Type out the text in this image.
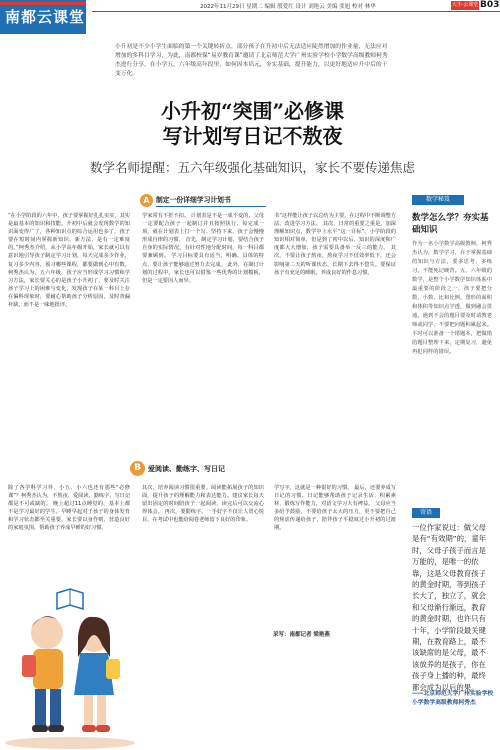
南都云课堂
2022年11月29日 星期二 编辑 殷爱红 设计 刘艳云 美编 张旭 校对 林华	大手·云课堂 B03
小升初是不少小学生面临的第一个关键转折点，部分孩子在升初中后无法适应陡然增加的作业量，无法应对增加的多科目学习，为此，南都校保“易岁教育课”邀请了北京师范大学广州实验学校小学数学高级教师柯秀杰进行分享，在小学五、六年级高年段里，如何因本培元，夯实基础，提升能力，以更好地适应升中后的干变万化。
小升初“突围”必修课
写计划写日记不敖夜
数学名师提醒：五六年级强化基础知识，家长不要传递焦虑
A 制定一份详细学习计划书
“在小学阶段的六年中，孩子要掌握好扎扎实实，其实是最基本的知识和技能。升初中后就会发现数学的知识面变得广了，各种知识点的综合运用也多了，孩子要在短时间内掌握新知识、新方法，是有一定难度的。”柯秀杰介绍，从小学高年级开始，家长就可以有意识地引导孩子制定学习计划，每天完成多少作业，复习多少内容，预习哪些课程，都要做到心中有数。 柯秀杰认为，五六年级，孩子应当形成学习习惯和学习方法，家长要关心的是孩子小升初了，要及时关注孩子学习上的困难与变化，发现孩子在某一科目上存在偏科现象时，要耐心帮助孩子分析原因，及时查漏补缺，而不是一味地批评。
学家常有不折不扣。 计划表是不是一成不变的，父母一定要配合孩子一起制订并且按照执行，每完成一项，就在计划表上打一个勾。坚持下来，孩子会慢慢形成自律的习惯。 首先，制定学习计划，要结合孩子自身的实际情况，有针对性地分配时间，每一科目都要兼顾到。 学习目标要具有适当、明确、具体的特点，要让孩子能够通过努力去完成。 此外，在制订计划的过程中，家长也可以借鉴一些优秀的计划模板，但是一定要因人而异。
书”这样能让孩子以总结为主要，在过程中不断调整方法、改进学习方法。 其次，日常的重要之重是，加深理解知识点，数学中上水平“这一目标”。小学阶段的知识相对简单，但是到了初中以后，知识的深度和广度都大大增加，孩子需要具备举一反三的能力。 其次，不要让孩子熬夜。熬夜学习不仅效率低下，还会影响第二天的听课状态，长期下去得不偿失。要保证孩子有充足的睡眠，养成良好的作息习惯。
B	爱阅读、勤练字、写日记
除了各学科学习外，小五、小六也还有那些“必修课”？柯秀杰认为，不熬夜、爱阅读、勤练字、写日记都是不可或缺的。 晚上超过11点睡觉的，基本上都不是学习最好的学生。早睡早起对于孩子的身体发育和学习状态都至关重要。家长要以身作则，营造良好的家庭氛围，帮助孩子养成早睡的好习惯。
其次，培养阅读习惯很重要。阅读能拓展孩子的知识面，提升孩子的理解能力和表达能力。建议家长每天留出固定的时间陪孩子一起阅读，读完后可以交流心得体会。 再次，要勤练字。一手好字不仅让人赏心悦目，在考试中也能给阅卷老师留下良好的印象。
学写字，这就是一种很好的习惯。 最后，还要养成写日记的习惯。日记能够帮助孩子记录生活、积累素材、锻炼写作能力，对语文学习大有裨益。 父母应当多给予鼓励，不要给孩子太大的压力，更不要把自己的焦虑传递给孩子，陪伴孩子平稳度过小升初的过渡期。
采写：南都记者 梁艳燕
数学秘笈
数学怎么学？夯实基础知识
作为一名小学数学高级教师，柯秀杰认为，数学学习，在于掌握基础的知识与方法，要多思考、多练习，不能死记硬背。五、六年级的数学，是整个小学数学知识体系中最重要的阶段之一，孩子要把分数、小数、比和比例、图形的面积和体积等知识点学透，做到融会贯通。遇到不会的题目要及时请教老师或同学，不要把问题积累起来。平时可以准备一个错题本，把做错的题目整理下来，定期复习，避免再犯同样的错误。
寄语
一位作家说过：做父母是有“有效期”的，童年时，父母子孩子而言是万能的，是唯一的依靠，这是父母教育孩子的黄金时期，等到孩子长大了，独立了，就会和父母渐行渐远，教育的黄金时期，也许只有十年，小学阶段最关键期，在教育路上，最不该缺席的是父母，最不该放养的是孩子，你在孩子身上播的种，最终都会成为以后的果。
——北京师范大学广州实验学校小学数学高级教师柯秀杰
